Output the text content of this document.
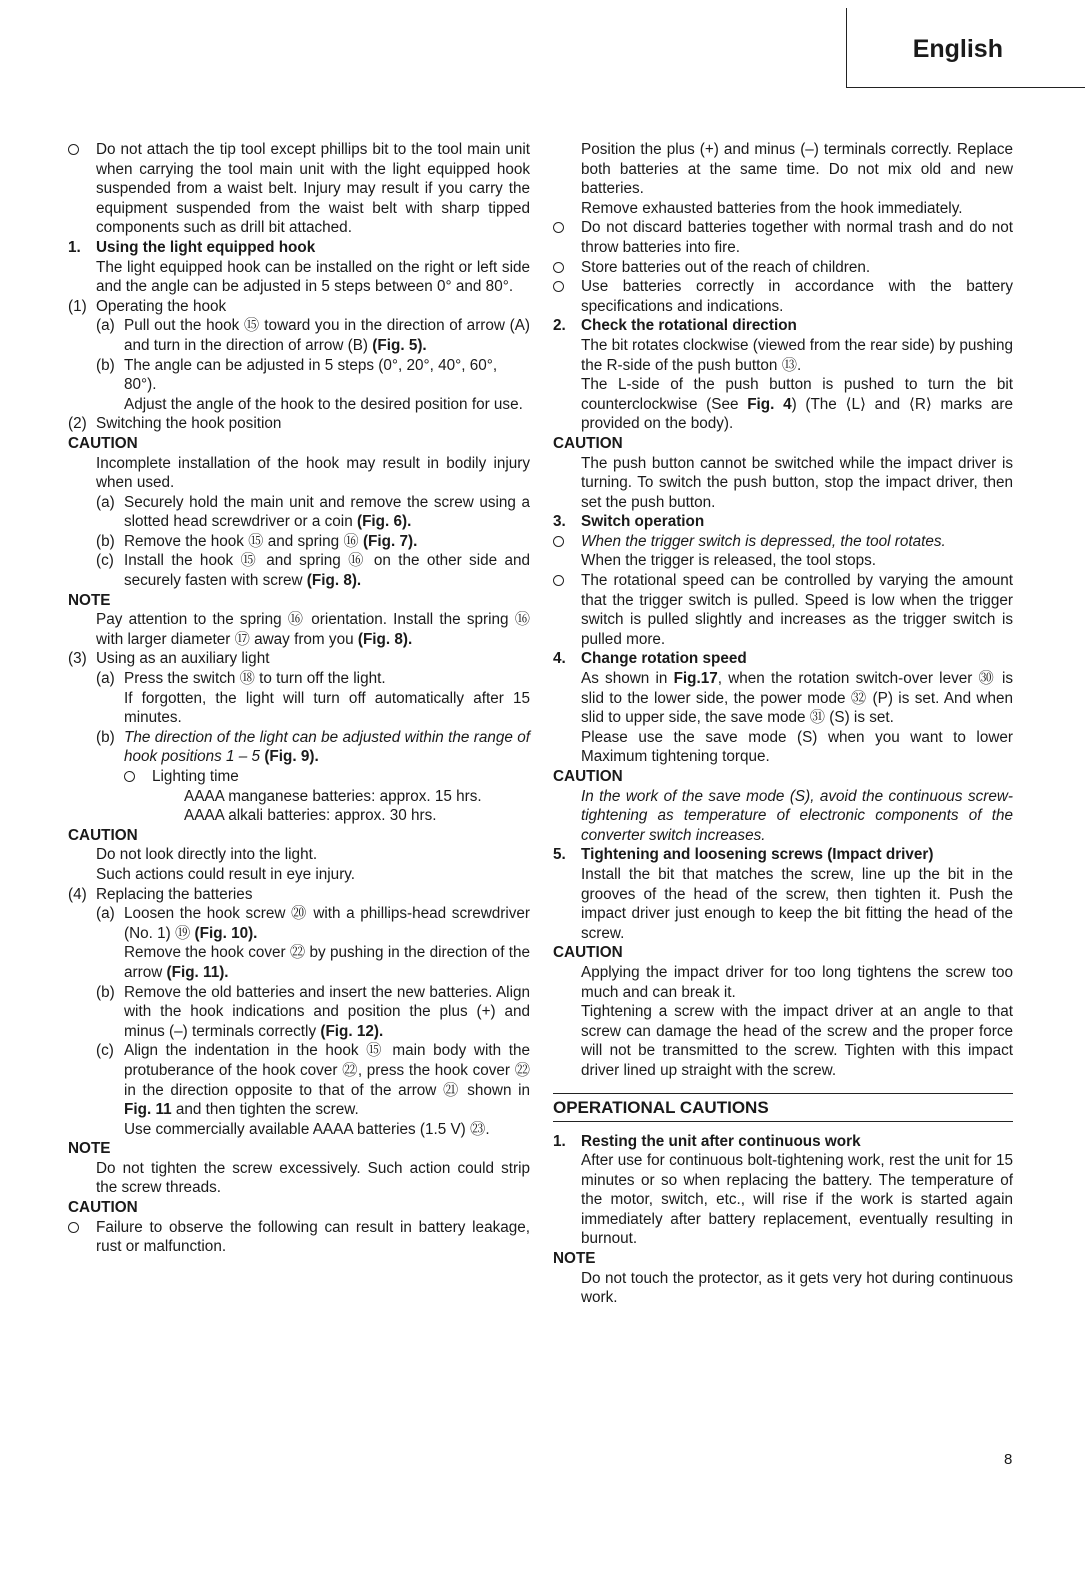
English

Do not attach the tip tool except phillips bit to the tool main unit when carrying the tool main unit with the light equipped hook suspended from a waist belt. Injury may result if you carry the equipment suspended from the waist belt with sharp tipped components such as drill bit attached.

1. Using the light equipped hook

The light equipped hook can be installed on the right or left side and the angle can be adjusted in 5 steps between 0° and 80°.

(1) Operating the hook

(a) Pull out the hook ⑮ toward you in the direction of arrow (A) and turn in the direction of arrow (B) (Fig. 5).

(b) The angle can be adjusted in 5 steps (0°, 20°, 40°, 60°, 80°).

Adjust the angle of the hook to the desired position for use.

(2) Switching the hook position

CAUTION

Incomplete installation of the hook may result in bodily injury when used.

(a) Securely hold the main unit and remove the screw using a slotted head screwdriver or a coin (Fig. 6).

(b) Remove the hook ⑮ and spring ⑯ (Fig. 7).

(c) Install the hook ⑮ and spring ⑯ on the other side and securely fasten with screw (Fig. 8).

NOTE

Pay attention to the spring ⑯ orientation. Install the spring ⑯ with larger diameter ⑰ away from you (Fig. 8).

(3) Using as an auxiliary light

(a) Press the switch ⑱ to turn off the light.

If forgotten, the light will turn off automatically after 15 minutes.

(b) The direction of the light can be adjusted within the range of hook positions 1 – 5 (Fig. 9).

Lighting time

AAAA manganese batteries: approx. 15 hrs.

AAAA alkali batteries: approx. 30 hrs.

CAUTION

Do not look directly into the light.

Such actions could result in eye injury.

(4) Replacing the batteries

(a) Loosen the hook screw ⑳ with a phillips-head screwdriver (No. 1) ⑲ (Fig. 10).

Remove the hook cover ㉒ by pushing in the direction of the arrow (Fig. 11).

(b) Remove the old batteries and insert the new batteries. Align with the hook indications and position the plus (+) and minus (–) terminals correctly (Fig. 12).

(c) Align the indentation in the hook ⑮ main body with the protuberance of the hook cover ㉒, press the hook cover ㉒ in the direction opposite to that of the arrow ㉑ shown in Fig. 11 and then tighten the screw.

Use commercially available AAAA batteries (1.5 V) ㉓.

NOTE

Do not tighten the screw excessively. Such action could strip the screw threads.

CAUTION

Failure to observe the following can result in battery leakage, rust or malfunction.

Position the plus (+) and minus (–) terminals correctly. Replace both batteries at the same time. Do not mix old and new batteries.

Remove exhausted batteries from the hook immediately.

Do not discard batteries together with normal trash and do not throw batteries into fire.

Store batteries out of the reach of children.

Use batteries correctly in accordance with the battery specifications and indications.

2. Check the rotational direction

The bit rotates clockwise (viewed from the rear side) by pushing the R-side of the push button ⑬.

The L-side of the push button is pushed to turn the bit counterclockwise (See Fig. 4) (The ⟨L⟩ and ⟨R⟩ marks are provided on the body).

CAUTION

The push button cannot be switched while the impact driver is turning. To switch the push button, stop the impact driver, then set the push button.

3. Switch operation

When the trigger switch is depressed, the tool rotates.

When the trigger is released, the tool stops.

The rotational speed can be controlled by varying the amount that the trigger switch is pulled. Speed is low when the trigger switch is pulled slightly and increases as the trigger switch is pulled more.

4. Change rotation speed

As shown in Fig.17, when the rotation switch-over lever ㉚ is slid to the lower side, the power mode ㉜ (P) is set. And when slid to upper side, the save mode ㉛ (S) is set.

Please use the save mode (S) when you want to lower Maximum tightening torque.

CAUTION

In the work of the save mode (S), avoid the continuous screw-tightening as temperature of electronic components of the converter switch increases.

5. Tightening and loosening screws (Impact driver)

Install the bit that matches the screw, line up the bit in the grooves of the head of the screw, then tighten it. Push the impact driver just enough to keep the bit fitting the head of the screw.

CAUTION

Applying the impact driver for too long tightens the screw too much and can break it.

Tightening a screw with the impact driver at an angle to that screw can damage the head of the screw and the proper force will not be transmitted to the screw. Tighten with this impact driver lined up straight with the screw.

OPERATIONAL CAUTIONS

1. Resting the unit after continuous work

After use for continuous bolt-tightening work, rest the unit for 15 minutes or so when replacing the battery. The temperature of the motor, switch, etc., will rise if the work is started again immediately after battery replacement, eventually resulting in burnout.

NOTE

Do not touch the protector, as it gets very hot during continuous work.

8
